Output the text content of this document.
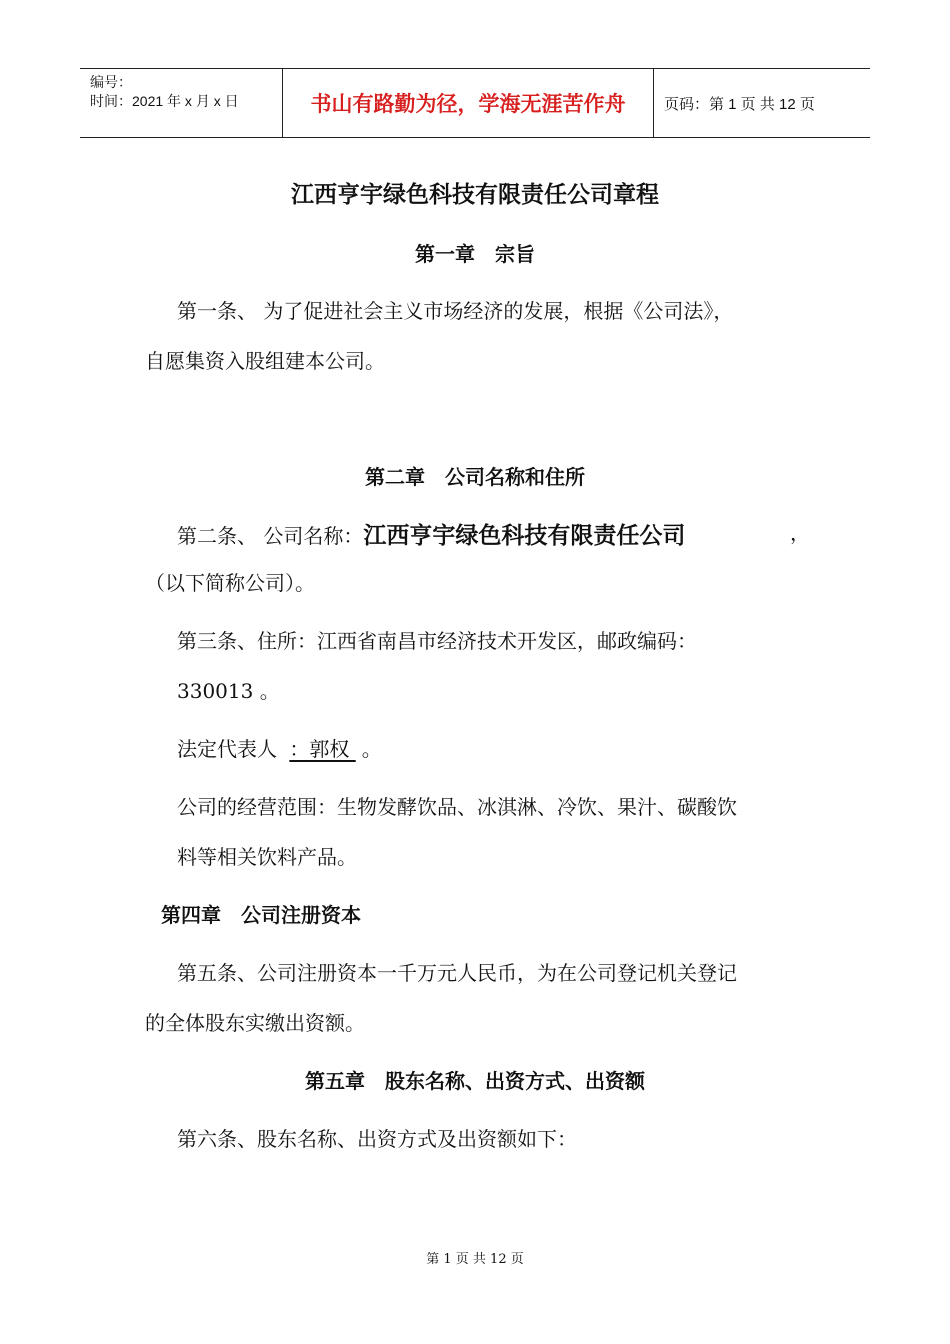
编号：
时间：2021 年 x 月 x 日	书山有路勤为径，学海无涯苦作舟	页码：第 1 页 共 12 页
江西亨宇绿色科技有限责任公司章程
第一章　宗旨
第一条、 为了促进社会主义市场经济的发展，根据《公司法》，
自愿集资入股组建本公司。
第二章　公司名称和住所
第二条、 公司名称：江西亨宇绿色科技有限责任公司	，
（以下简称公司）。
第三条、住所：江西省南昌市经济技术开发区，邮政编码：
330013 。
法定代表人 ：郭权 。
公司的经营范围：生物发酵饮品、冰淇淋、冷饮、果汁、碳酸饮
料等相关饮料产品。
第四章　公司注册资本
第五条、公司注册资本一千万元人民币，为在公司登记机关登记
的全体股东实缴出资额。
第五章　股东名称、出资方式、出资额
第六条、股东名称、出资方式及出资额如下：
第 1 页 共 12 页
